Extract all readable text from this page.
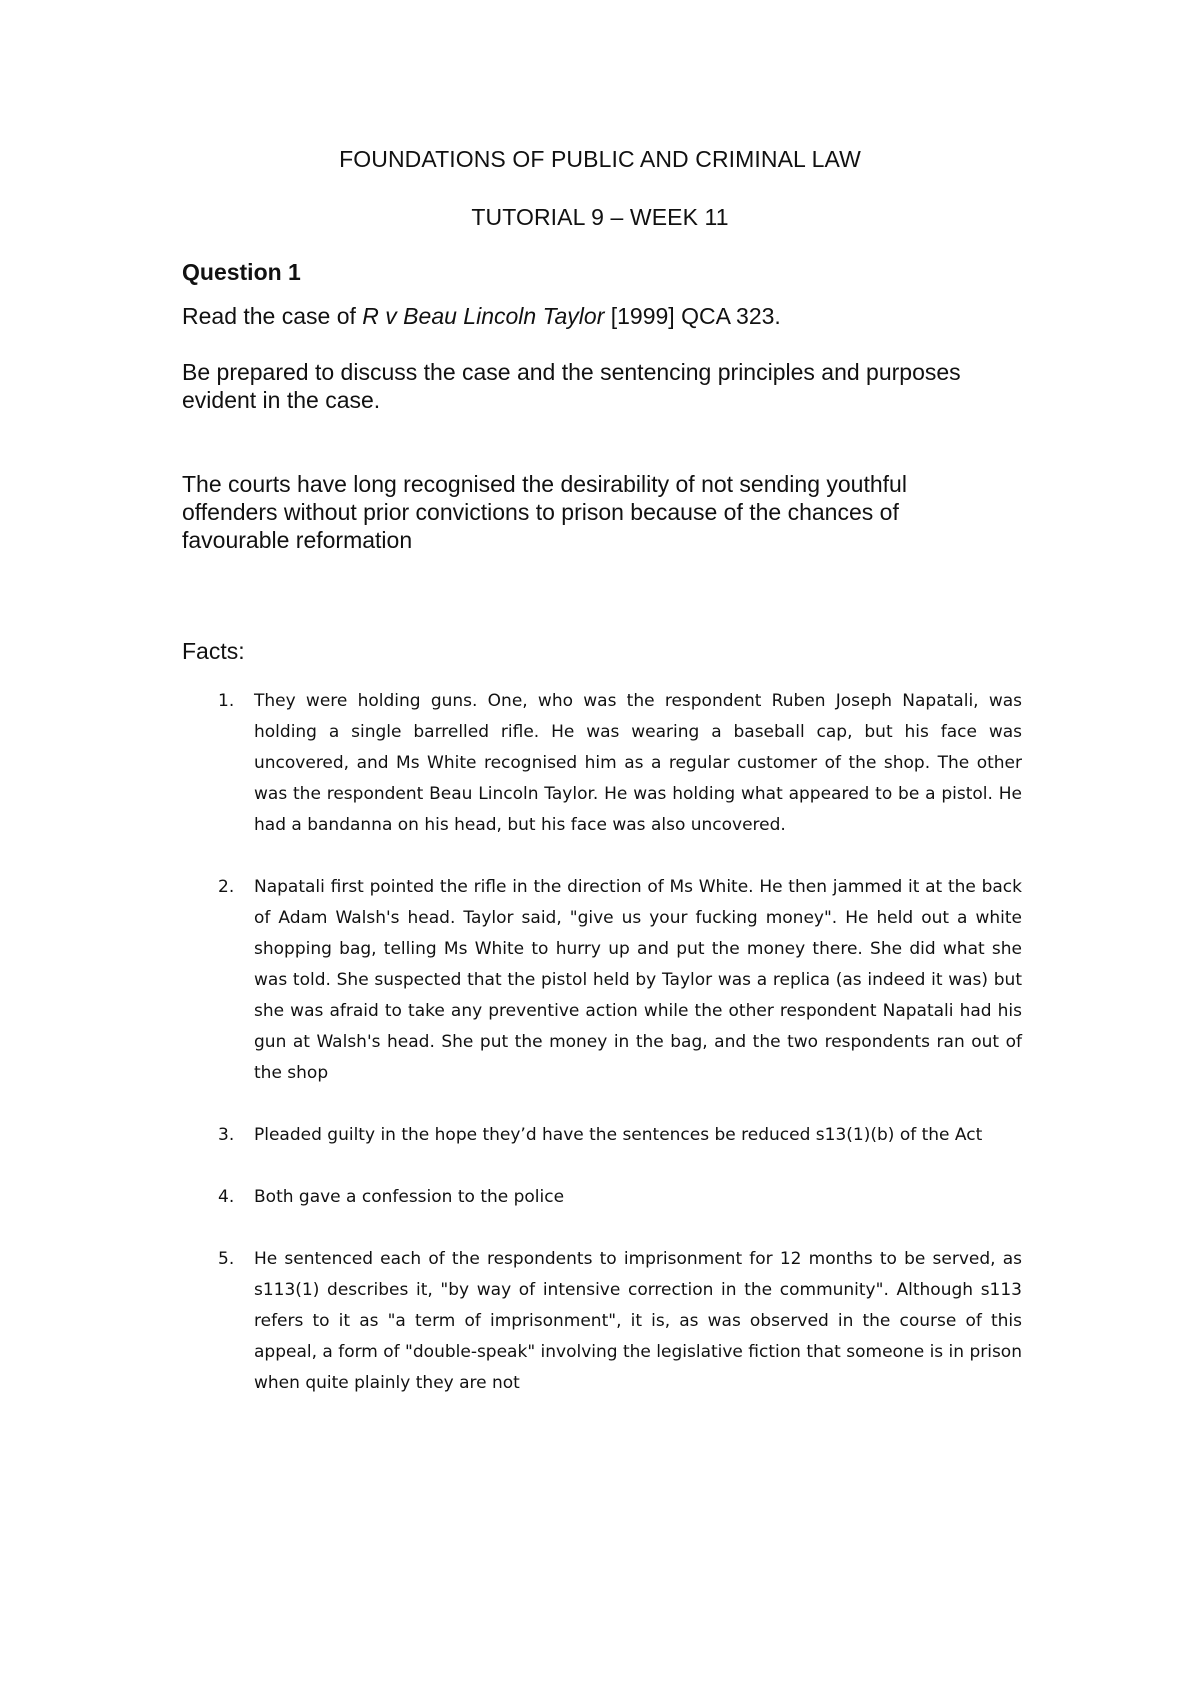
FOUNDATIONS OF PUBLIC AND CRIMINAL LAW
TUTORIAL 9 – WEEK 11
Question 1
Read the case of R v Beau Lincoln Taylor [1999] QCA 323.
Be prepared to discuss the case and the sentencing principles and purposes evident in the case.
The courts have long recognised the desirability of not sending youthful offenders without prior convictions to prison because of the chances of favourable reformation
Facts:
1. They were holding guns. One, who was the respondent Ruben Joseph Napatali, was holding a single barrelled rifle. He was wearing a baseball cap, but his face was uncovered, and Ms White recognised him as a regular customer of the shop. The other was the respondent Beau Lincoln Taylor. He was holding what appeared to be a pistol. He had a bandanna on his head, but his face was also uncovered.
2. Napatali first pointed the rifle in the direction of Ms White. He then jammed it at the back of Adam Walsh's head. Taylor said, "give us your fucking money". He held out a white shopping bag, telling Ms White to hurry up and put the money there. She did what she was told. She suspected that the pistol held by Taylor was a replica (as indeed it was) but she was afraid to take any preventive action while the other respondent Napatali had his gun at Walsh's head. She put the money in the bag, and the two respondents ran out of the shop
3. Pleaded guilty in the hope they’d have the sentences be reduced s13(1)(b) of the Act
4. Both gave a confession to the police
5. He sentenced each of the respondents to imprisonment for 12 months to be served, as s113(1) describes it, "by way of intensive correction in the community". Although s113 refers to it as "a term of imprisonment", it is, as was observed in the course of this appeal, a form of "double-speak" involving the legislative fiction that someone is in prison when quite plainly they are not
